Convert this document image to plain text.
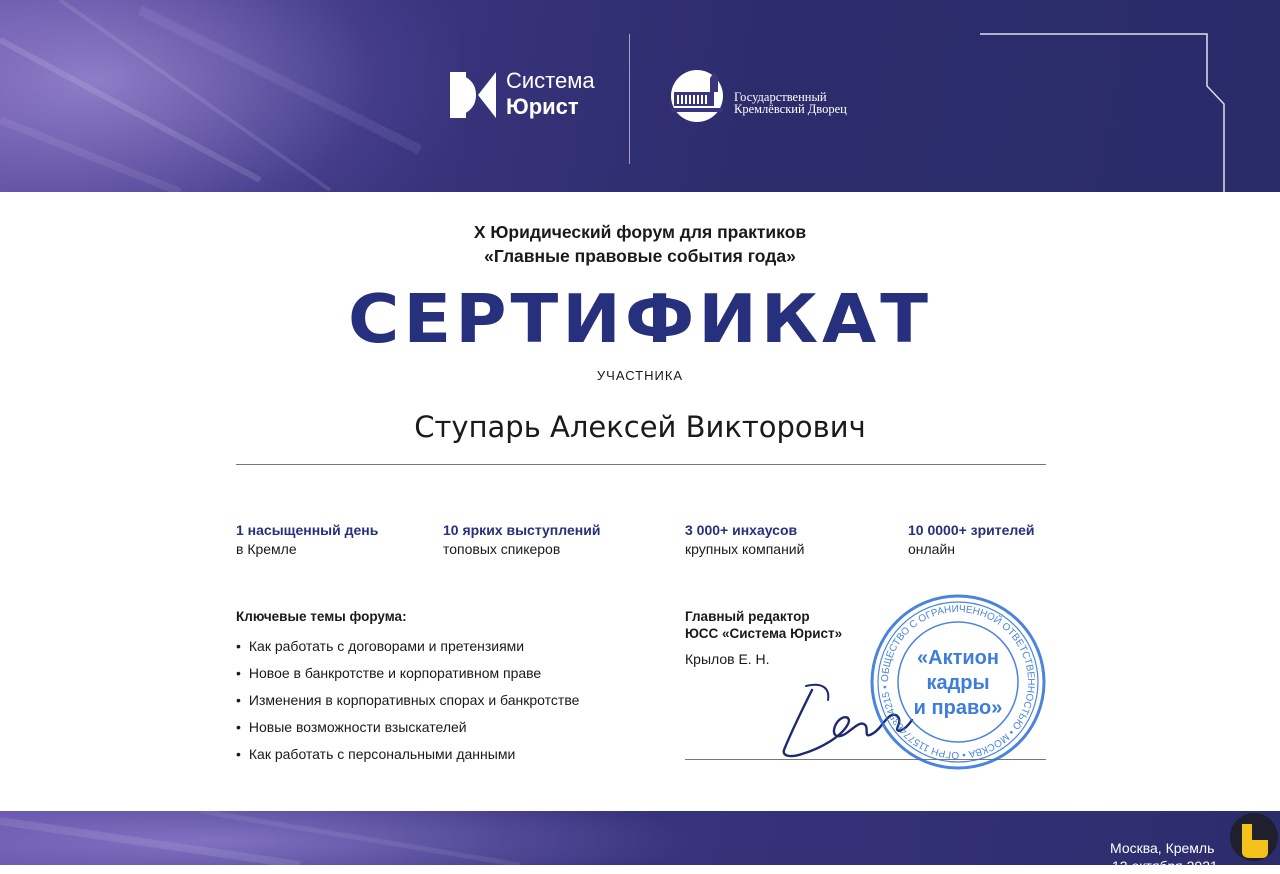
Система
Юрист	Государственный
Кремлёвский Дворец
X Юридический форум для практиков
«Главные правовые события года»
СЕРТИФИКАТ
УЧАСТНИКА
Ступарь Алексей Викторович
1 насыщенный день
в Кремле
10 ярких выступлений
топовых спикеров
3 000+ инхаусов
крупных компаний
10 0000+ зрителей
онлайн
Ключевые темы форума:
• Как работать с договорами и претензиями
• Новое в банкротстве и корпоративном праве
• Изменения в корпоративных спорах и банкротстве
• Новые возможности взыскателей
• Как работать с персональными данными
Главный редактор
ЮСС «Система Юрист»
Крылов Е. Н.
ОБЩЕСТВО С ОГРАНИЧЕННОЙ ОТВЕТСТВЕННОСТЬЮ • МОСКВА • ОГРН 1157746354215 •
«Актион
кадры
и право»
Москва, Кремль
12 октября 2021
